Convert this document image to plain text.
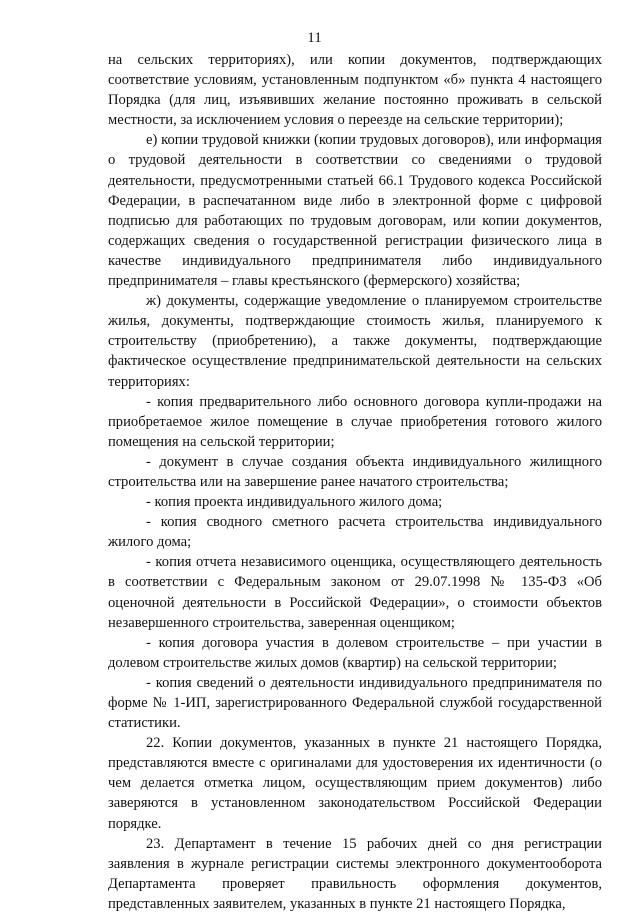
11

на сельских территориях), или копии документов, подтверждающих соответствие условиям, установленным подпунктом «б» пункта 4 настоящего Порядка (для лиц, изъявивших желание постоянно проживать в сельской местности, за исключением условия о переезде на сельские территории);

е) копии трудовой книжки (копии трудовых договоров), или информация о трудовой деятельности в соответствии со сведениями о трудовой деятельности, предусмотренными статьей 66.1 Трудового кодекса Российской Федерации, в распечатанном виде либо в электронной форме с цифровой подписью для работающих по трудовым договорам, или копии документов, содержащих сведения о государственной регистрации физического лица в качестве индивидуального предпринимателя либо индивидуального предпринимателя – главы крестьянского (фермерского) хозяйства;

ж) документы, содержащие уведомление о планируемом строительстве жилья, документы, подтверждающие стоимость жилья, планируемого к строительству (приобретению), а также документы, подтверждающие фактическое осуществление предпринимательской деятельности на сельских территориях:

- копия предварительного либо основного договора купли-продажи на приобретаемое жилое помещение в случае приобретения готового жилого помещения на сельской территории;

- документ в случае создания объекта индивидуального жилищного строительства или на завершение ранее начатого строительства;

- копия проекта индивидуального жилого дома;

- копия сводного сметного расчета строительства индивидуального жилого дома;

- копия отчета независимого оценщика, осуществляющего деятельность в соответствии с Федеральным законом от 29.07.1998 № 135-ФЗ «Об оценочной деятельности в Российской Федерации», о стоимости объектов незавершенного строительства, заверенная оценщиком;

- копия договора участия в долевом строительстве – при участии в долевом строительстве жилых домов (квартир) на сельской территории;

- копия сведений о деятельности индивидуального предпринимателя по форме № 1-ИП, зарегистрированного Федеральной службой государственной статистики.

22. Копии документов, указанных в пункте 21 настоящего Порядка, представляются вместе с оригиналами для удостоверения их идентичности (о чем делается отметка лицом, осуществляющим прием документов) либо заверяются в установленном законодательством Российской Федерации порядке.

23. Департамент в течение 15 рабочих дней со дня регистрации заявления в журнале регистрации системы электронного документооборота Департамента проверяет правильность оформления документов, представленных заявителем, указанных в пункте 21 настоящего Порядка,
